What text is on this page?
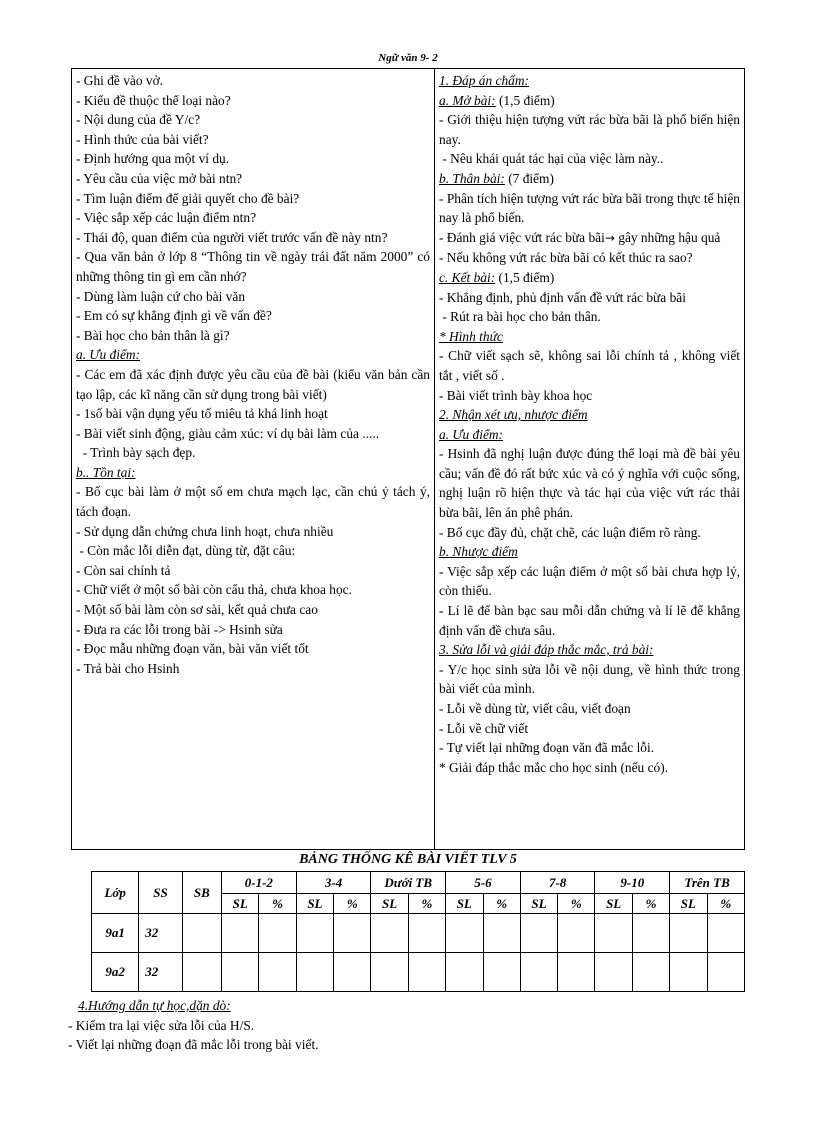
Ngữ văn 9- 2
- Ghi đề vào vở.
- Kiểu đề thuộc thể loại nào?
- Nội dung của đề Y/c?
- Hình thức của bài viết?
- Định hướng qua một ví dụ.
- Yêu cầu của việc mở bài ntn?
- Tìm luận điểm để giải quyết cho đề bài?
- Việc sắp xếp các luận điểm ntn?
- Thái độ, quan điểm của người viết trước vấn đề này ntn?
- Qua văn bản ở lớp 8 “Thông tin về ngày trái đất năm 2000” có những thông tin gì em cần nhớ?
- Dùng làm luận cứ cho bài văn
- Em có sự khẳng định gì về vấn đề?
- Bài học cho bản thân là gì?
a. Ưu điểm:
- Các em đã xác định được yêu cầu của đề bài (kiểu văn bản cần tạo lập, các kĩ năng cần sử dụng trong bài viết)
- 1số bài vận dụng yếu tố miêu tả khá linh hoạt
- Bài viết sinh động, giàu cảm xúc: ví dụ bài làm của .....
- Trình bày sạch đẹp.
b.. Tồn tại:
- Bố cục bài làm ở một số em chưa mạch lạc, cần chú ý tách ý, tách đoạn.
- Sử dụng dẫn chứng chưa linh hoạt, chưa nhiều
- Còn mắc lỗi diễn đạt, dùng từ, đặt câu:
- Còn sai chính tả
- Chữ viết ở một số bài còn cẩu thả, chưa khoa học.
- Một số bài làm còn sơ sài, kết quả chưa cao
- Đưa ra các lỗi trong bài -> Hsinh sửa
- Đọc mẫu những đoạn văn, bài văn viết tốt
- Trả bài cho Hsinh
1. Đáp án chấm:
a. Mở bài: (1,5 điểm)
- Giới thiệu hiện tượng vứt rác bừa bãi là phổ biến hiện nay.
- Nêu khái quát tác hại của việc làm này..
b. Thân bài: (7 điểm)
- Phân tích hiện tượng vứt rác bừa bãi trong thực tế hiện nay là phổ biến.
- Đánh giá việc vứt rác bừa bãi→ gây những hậu quả
- Nếu không vứt rác bừa bãi có kết thúc ra sao?
c. Kết bài: (1,5 điểm)
- Khẳng định, phủ định vấn đề vứt rác bừa bãi
- Rút ra bài học cho bản thân.
* Hình thức
- Chữ viết sạch sẽ, không sai lỗi chính tả , không viết tắt , viết số .
- Bài viết trình bày khoa học
2. Nhận xét ưu, nhược điểm
a. Ưu điểm:
- Hsinh đã nghị luận được đúng thể loại mà đề bài yêu cầu; vấn đề đó rất bức xúc và có ý nghĩa với cuộc sống, nghị luận rõ hiện thực và tác hại của việc vứt rác thải bừa bãi, lên án phê phán.
- Bố cục đầy đủ, chặt chẽ, các luận điểm rõ ràng.
b. Nhược điểm
- Việc sắp xếp các luận điểm ở một số bài chưa hợp lý, còn thiếu.
- Lí lẽ để bàn bạc sau mỗi dẫn chứng và lí lẽ để khẳng định vấn đề chưa sâu.
3. Sửa lỗi và giải đáp thắc mắc, trả bài:
- Y/c học sinh sửa lỗi về nội dung, về hình thức trong bài viết của mình.
- Lỗi về dùng từ, viết câu, viết đoạn
- Lỗi về chữ viết
- Tự viết lại những đoạn văn đã mắc lỗi.
* Giải đáp thắc mắc cho học sinh (nếu có).
BẢNG THỐNG KÊ BÀI VIẾT TLV 5
Lớp	SS	SB	0-1-2		3-4		Dưới TB		5-6		7-8		9-10		Trên TB	
			SL	%	SL	%	SL	%	SL	%	SL	%	SL	%	SL	%
9a1	32															
9a2	32															
4.Hướng dẫn tự học,dặn dò:
- Kiểm tra lại việc sửa lỗi của H/S.
- Viết lại những đoạn đã mắc lỗi trong bài viết.
